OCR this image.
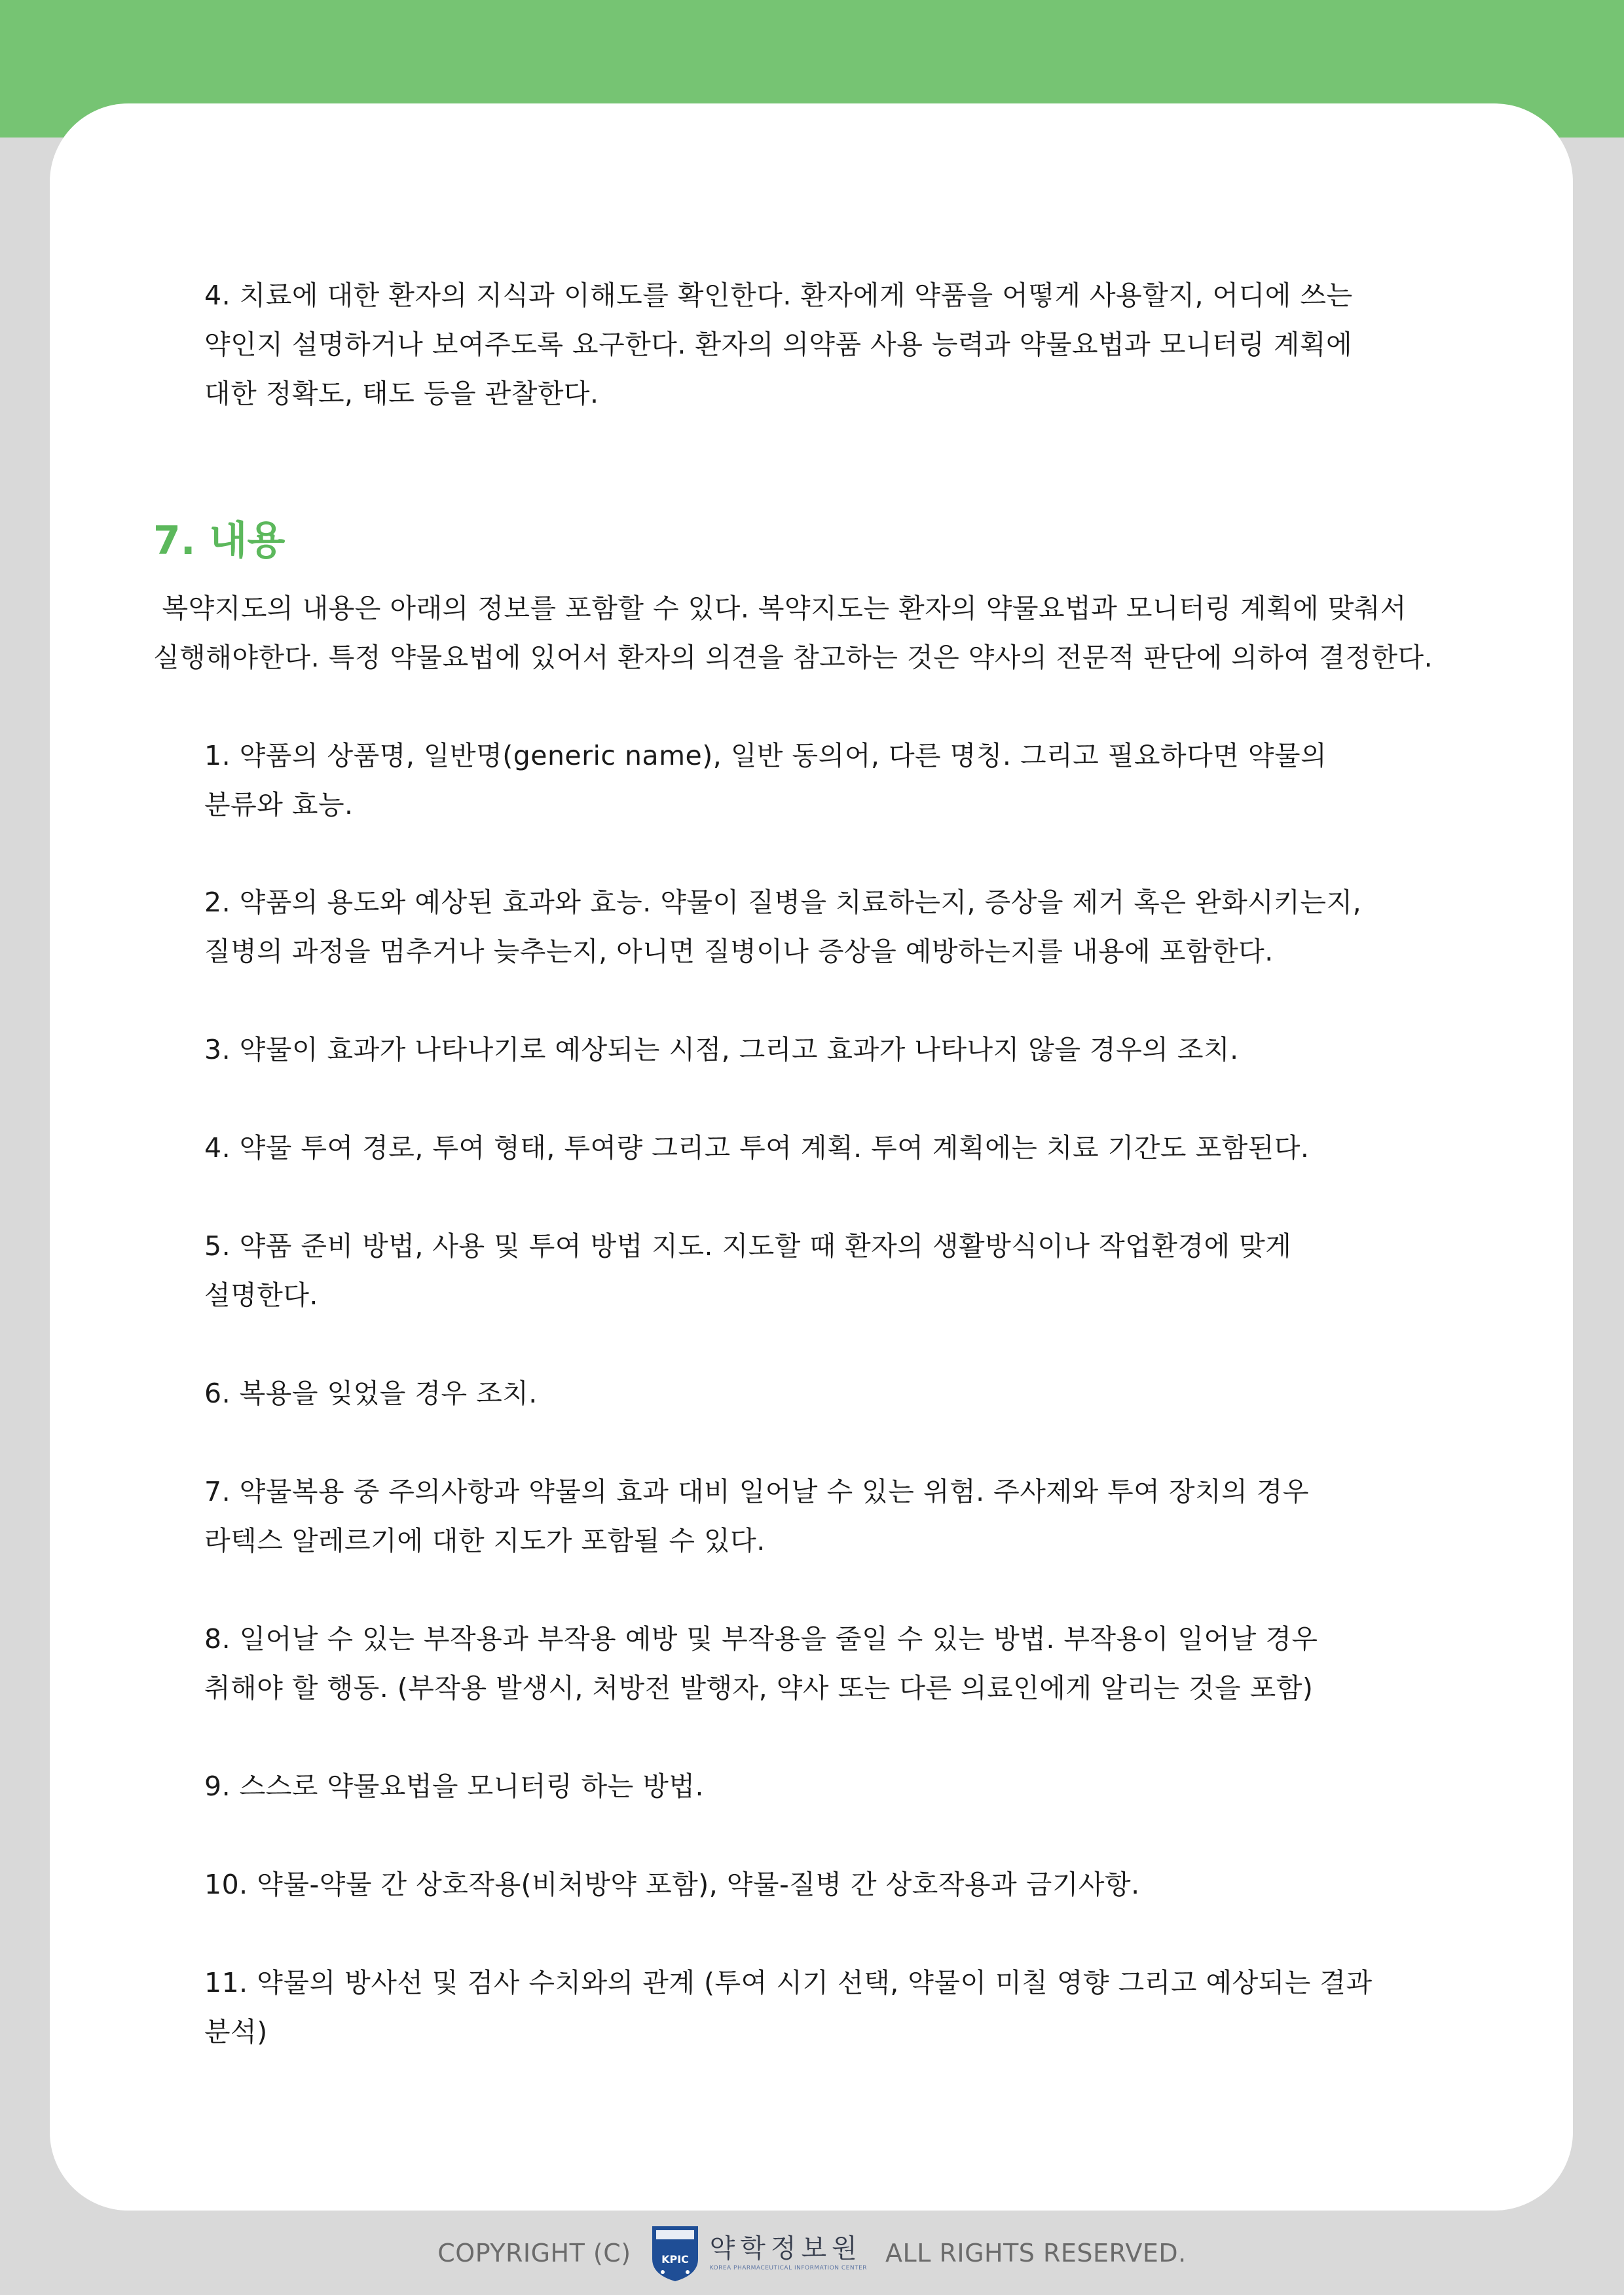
4. 치료에 대한 환자의 지식과 이해도를 확인한다. 환자에게 약품을 어떻게 사용할지, 어디에 쓰는
약인지 설명하거나 보여주도록 요구한다. 환자의 의약품 사용 능력과 약물요법과 모니터링 계획에
대한 정확도, 태도 등을 관찰한다.
7. 내용
복약지도의 내용은 아래의 정보를 포함할 수 있다. 복약지도는 환자의 약물요법과 모니터링 계획에 맞춰서
실행해야한다. 특정 약물요법에 있어서 환자의 의견을 참고하는 것은 약사의 전문적 판단에 의하여 결정한다.
1. 약품의 상품명, 일반명(generic name), 일반 동의어, 다른 명칭. 그리고 필요하다면 약물의
분류와 효능.
2. 약품의 용도와 예상된 효과와 효능. 약물이 질병을 치료하는지, 증상을 제거 혹은 완화시키는지,
질병의 과정을 멈추거나 늦추는지, 아니면 질병이나 증상을 예방하는지를 내용에 포함한다.
3. 약물이 효과가 나타나기로 예상되는 시점, 그리고 효과가 나타나지 않을 경우의 조치.
4. 약물 투여 경로, 투여 형태, 투여량 그리고 투여 계획. 투여 계획에는 치료 기간도 포함된다.
5. 약품 준비 방법, 사용 및 투여 방법 지도. 지도할 때 환자의 생활방식이나 작업환경에 맞게
설명한다.
6. 복용을 잊었을 경우 조치.
7. 약물복용 중 주의사항과 약물의 효과 대비 일어날 수 있는 위험. 주사제와 투여 장치의 경우
라텍스 알레르기에 대한 지도가 포함될 수 있다.
8. 일어날 수 있는 부작용과 부작용 예방 및 부작용을 줄일 수 있는 방법. 부작용이 일어날 경우
취해야 할 행동. (부작용 발생시, 처방전 발행자, 약사 또는 다른 의료인에게 알리는 것을 포함)
9. 스스로 약물요법을 모니터링 하는 방법.
10. 약물-약물 간 상호작용(비처방약 포함), 약물-질병 간 상호작용과 금기사항.
11. 약물의 방사선 및 검사 수치와의 관계 (투여 시기 선택, 약물이 미칠 영향 그리고 예상되는 결과
분석)
COPYRIGHT (C)	KPIC 약학정보원
KOREA PHARMACEUTICAL INFORMATION CENTER
ALL RIGHTS RESERVED.
